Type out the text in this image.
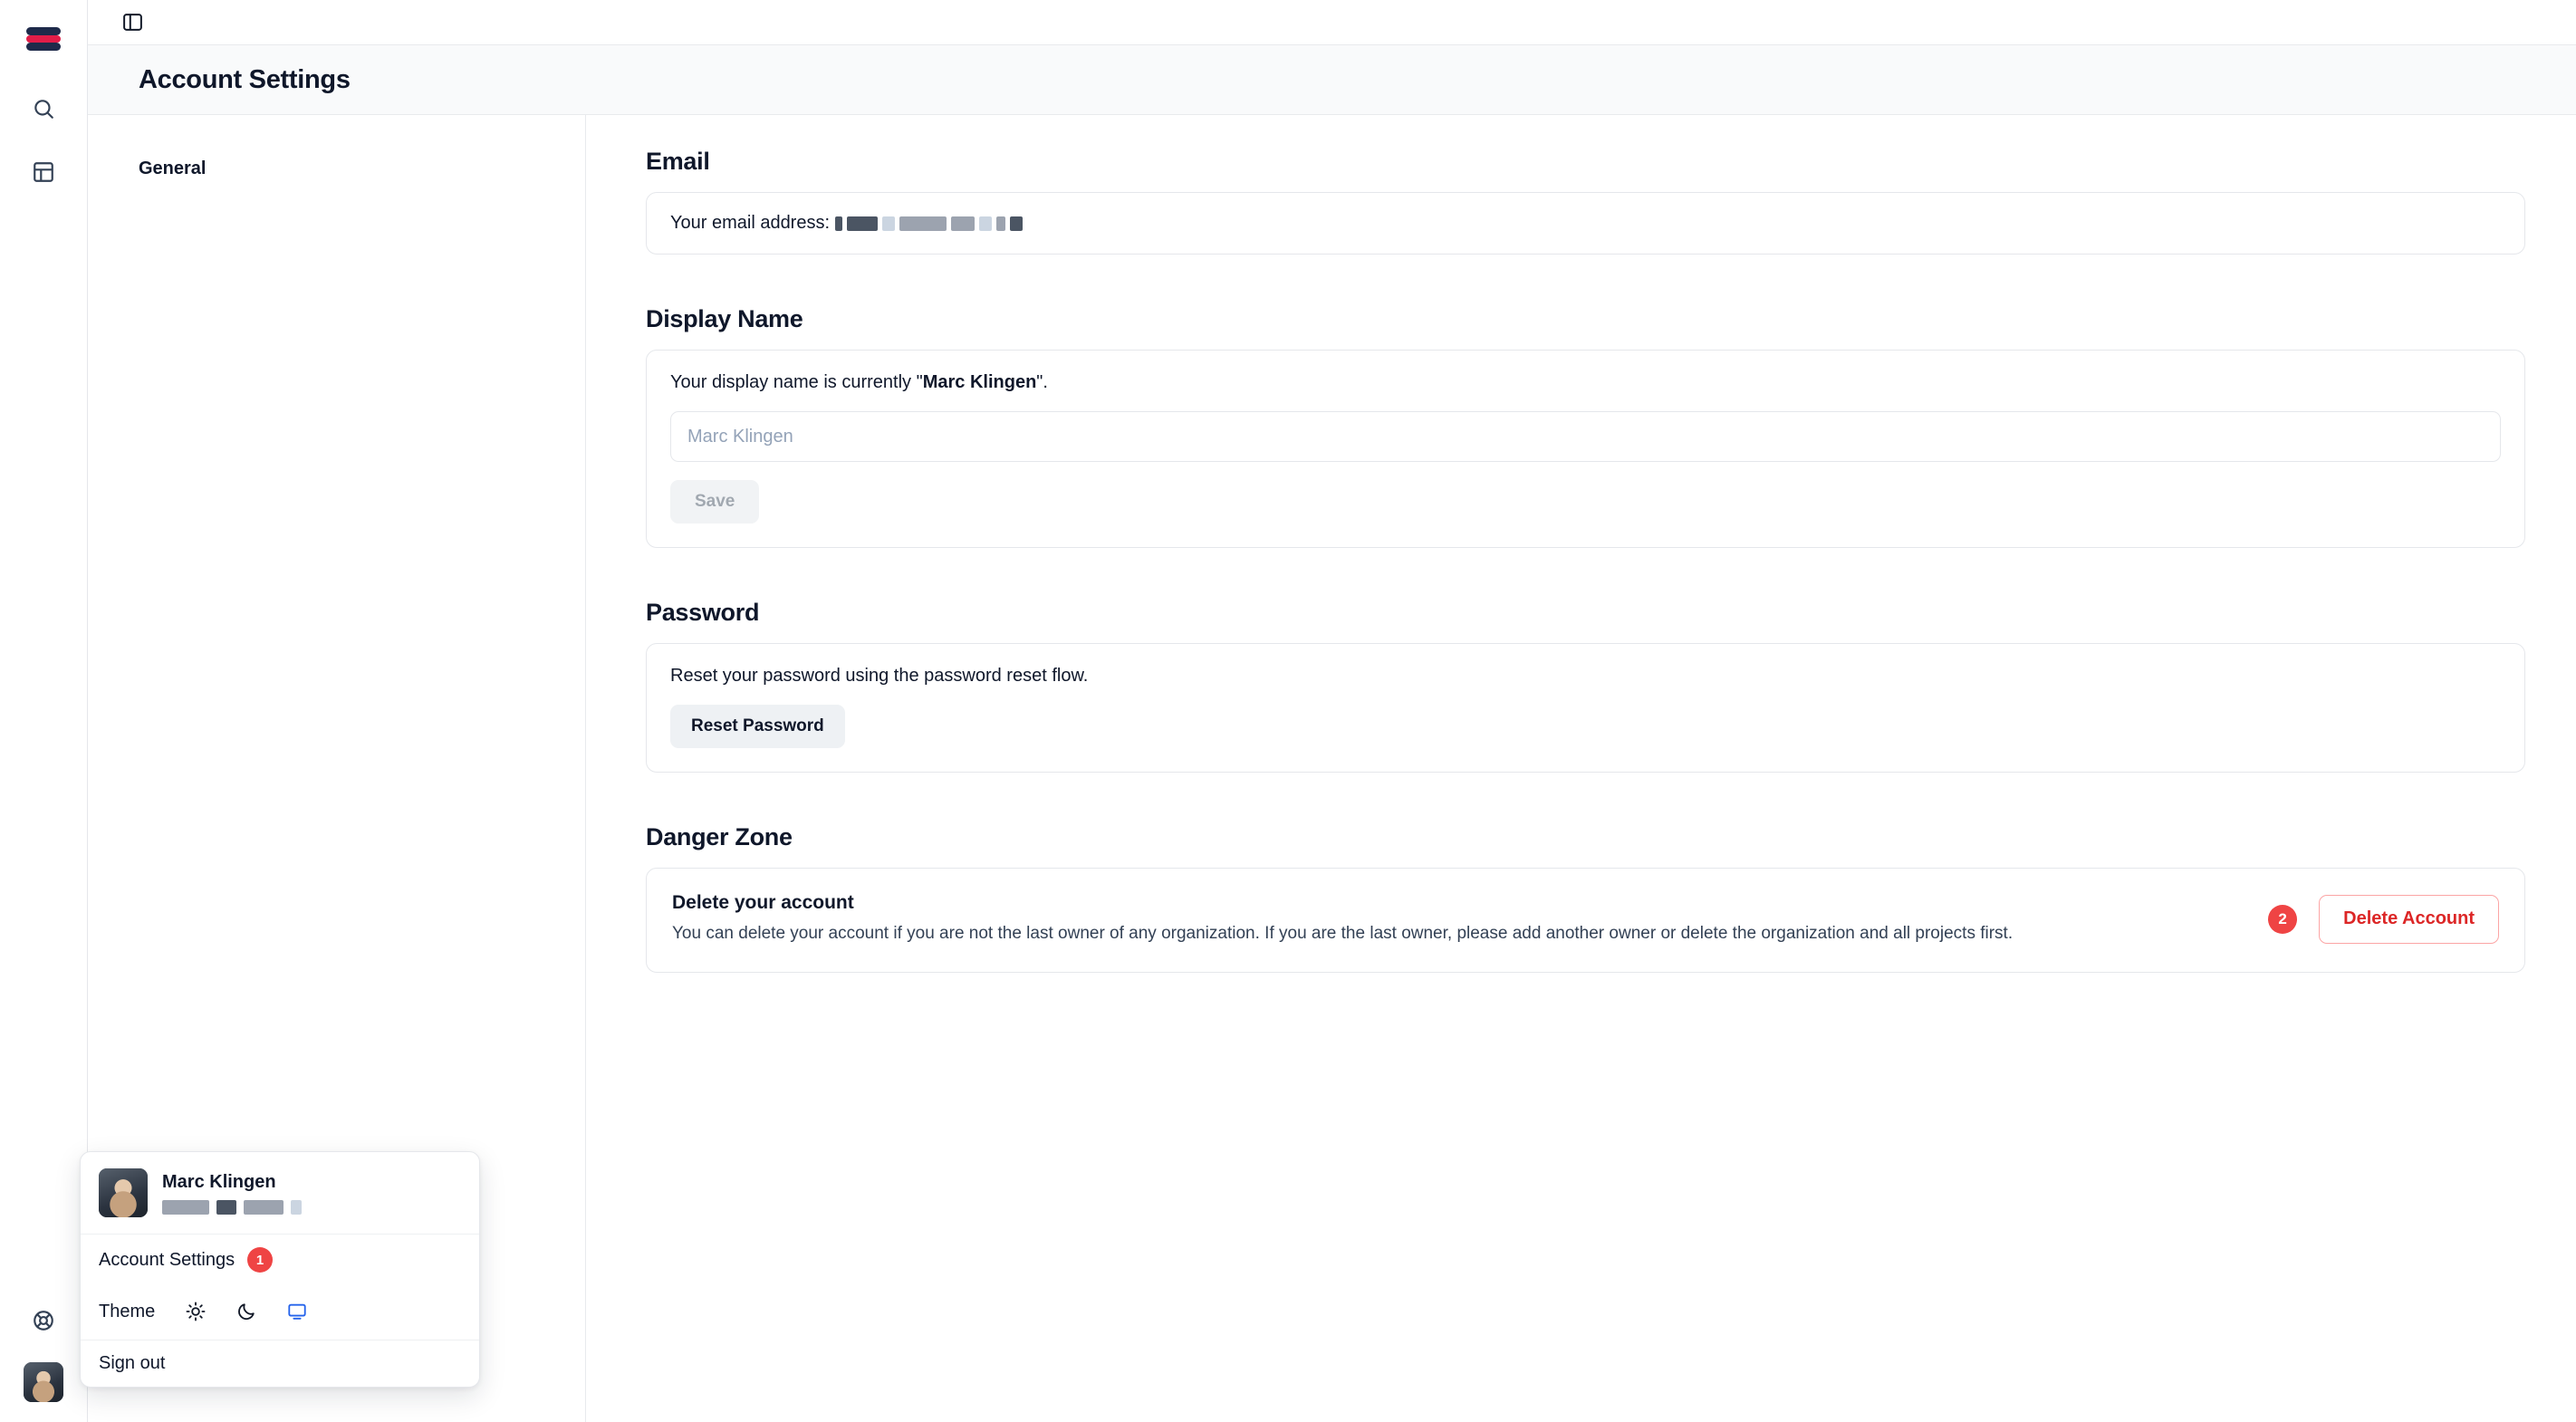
Account Settings
General	Email
Your email address:
Display Name
Your display name is currently "Marc Klingen".
Marc Klingen
Save
Password
Reset your password using the password reset flow.
Reset Password
Danger Zone
Delete your account
You can delete your account if you are not the last owner of any organization. If you are the last owner, please add another owner or delete the organization and all projects first.
2	Delete Account
Marc Klingen
Account Settings	1
Theme
Sign out
